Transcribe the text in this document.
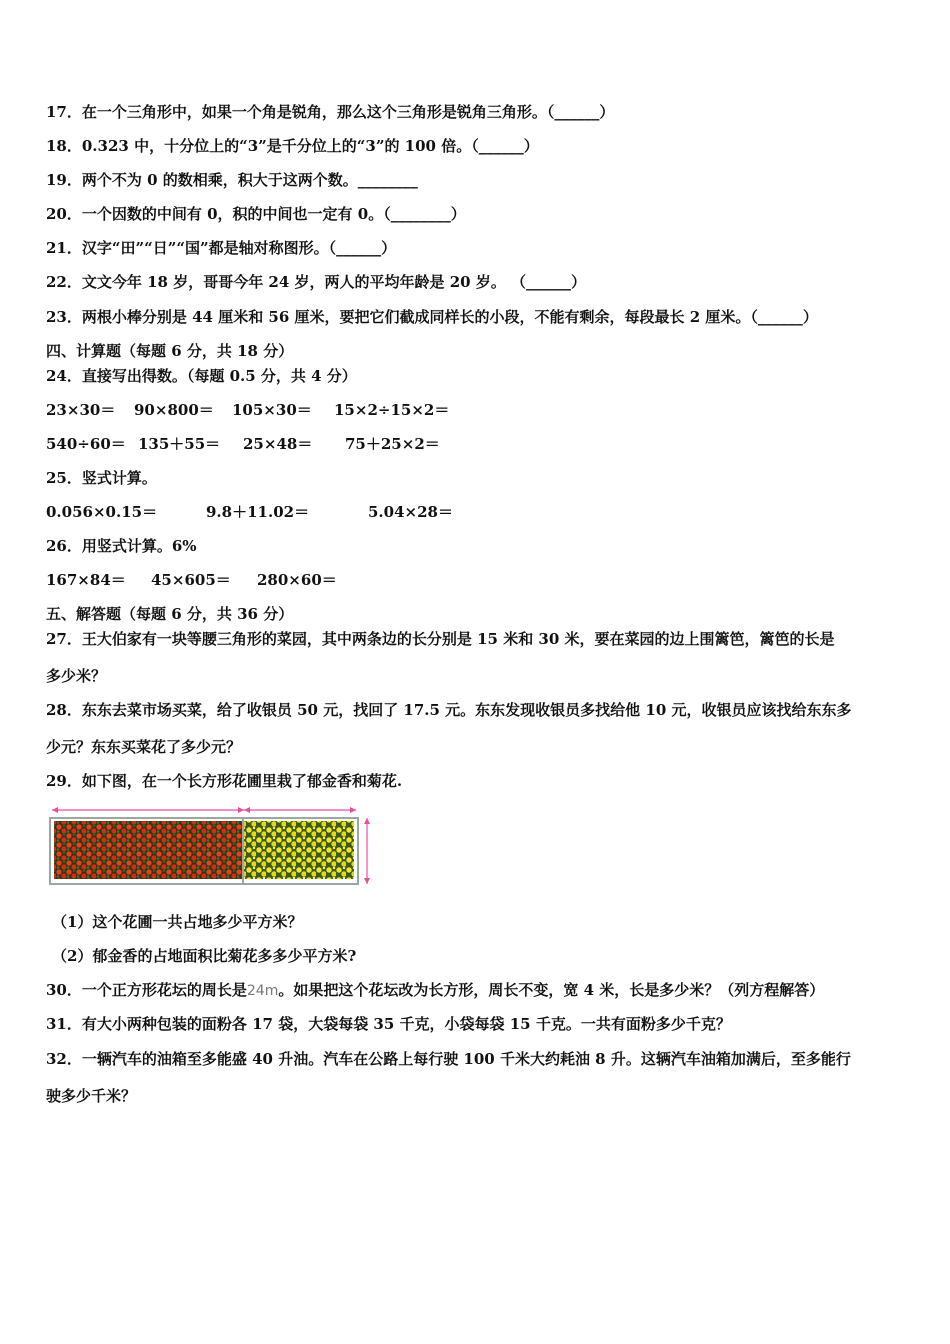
17．在一个三角形中，如果一个角是锐角，那么这个三角形是锐角三角形。（______）
18．0.323 中，十分位上的“3”是千分位上的“3”的 100 倍。（______）
19．两个不为 0 的数相乘，积大于这两个数。________
20．一个因数的中间有 0，积的中间也一定有 0。（________）
21．汉字“田”“日”“国”都是轴对称图形。（______）
22．文文今年 18 岁，哥哥今年 24 岁，两人的平均年龄是 20 岁。 （______）
23．两根小棒分别是 44 厘米和 56 厘米，要把它们截成同样长的小段，不能有剩余，每段最长 2 厘米。（______）
四、计算题（每题 6 分，共 18 分）
24．直接写出得数。（每题 0.5 分，共 4 分）
23×30＝ 90×800＝ 105×30＝ 15×2÷15×2＝
540÷60＝ 135＋55＝ 25×48＝ 75＋25×2＝
25．竖式计算。
0.056×0.15＝	9.8＋11.02＝	5.04×28＝
26．用竖式计算。6%
167×84＝ 45×605＝ 280×60＝
五、解答题（每题 6 分，共 36 分）
27．王大伯家有一块等腰三角形的菜园，其中两条边的长分别是 15 米和 30 米，要在菜园的边上围篱笆，篱笆的长是
多少米？
28．东东去菜市场买菜，给了收银员 50 元，找回了 17.5 元。东东发现收银员多找给他 10 元，收银员应该找给东东多
少元？东东买菜花了多少元？
29．如下图，在一个长方形花圃里栽了郁金香和菊花.
（1）这个花圃一共占地多少平方米？
（2）郁金香的占地面积比菊花多多少平方米?
30．一个正方形花坛的周长是24m。如果把这个花坛改为长方形，周长不变，宽 4 米，长是多少米？（列方程解答）
31．有大小两种包装的面粉各 17 袋，大袋每袋 35 千克，小袋每袋 15 千克。一共有面粉多少千克？
32．一辆汽车的油箱至多能盛 40 升油。汽车在公路上每行驶 100 千米大约耗油 8 升。这辆汽车油箱加满后，至多能行
驶多少千米？
